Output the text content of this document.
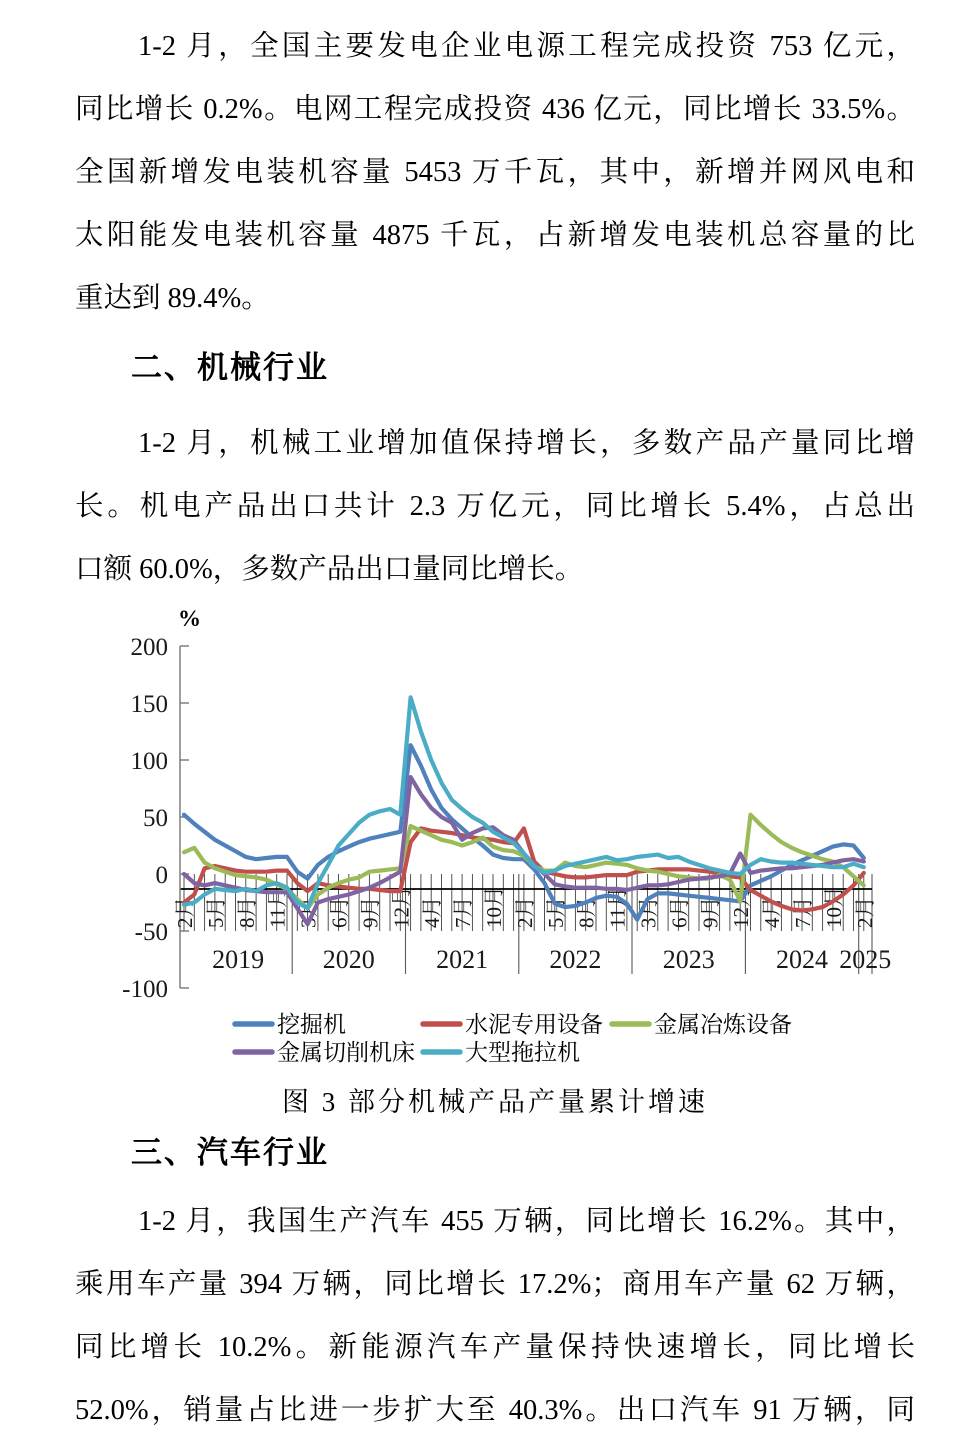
1-2 月，全国主要发电企业电源工程完成投资 753 亿元，
同比增长 0.2%。电网工程完成投资 436 亿元，同比增长 33.5%。
全国新增发电装机容量 5453 万千瓦，其中，新增并网风电和
太阳能发电装机容量 4875 千瓦，占新增发电装机总容量的比
重达到 89.4%。
二、机械行业
1-2 月，机械工业增加值保持增长，多数产品产量同比增
长。机电产品出口共计 2.3 万亿元，同比增长 5.4%，占总出
口额 60.0%，多数产品出口量同比增长。
200
150
100
50
0
-50
-100
%
2月 5月 8月 11月 3月 6月 9月 12月 4月 7月 10月 2月 5月 8月 11月 3月 6月 9月 12月 4月 7月 10月 2月
2019 2020 2021 2022 2023 2024 2025
挖掘机	水泥专用设备 金属冶炼设备
金属切削机床 大型拖拉机
图 3 部分机械产品产量累计增速
三、汽车行业
1-2 月，我国生产汽车 455 万辆，同比增长 16.2%。其中，
乘用车产量 394 万辆，同比增长 17.2%；商用车产量 62 万辆，
同比增长 10.2%。新能源汽车产量保持快速增长，同比增长
52.0%，销量占比进一步扩大至 40.3%。出口汽车 91 万辆，同
